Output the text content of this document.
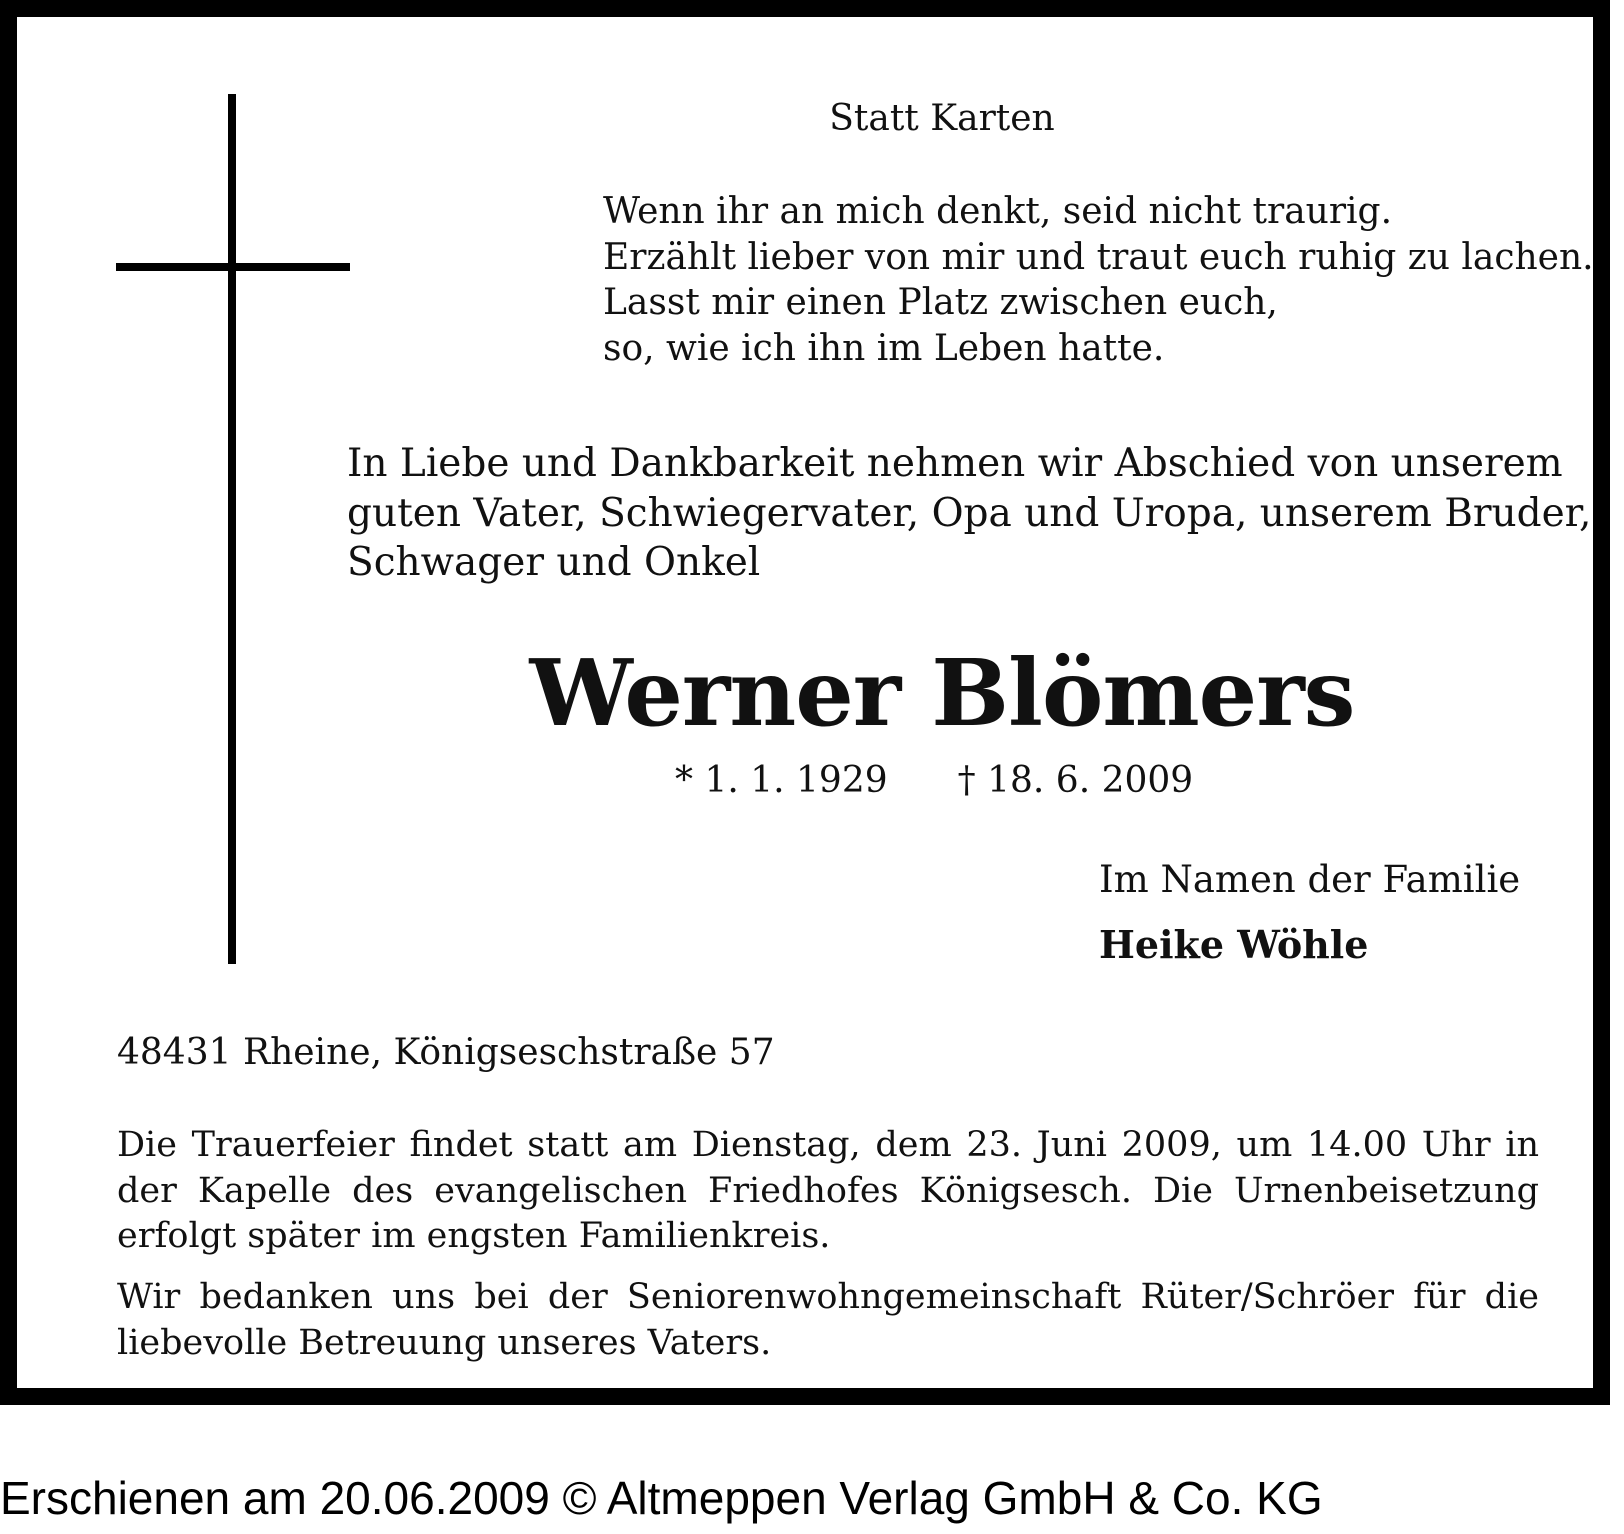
Statt Karten
Wenn ihr an mich denkt, seid nicht traurig.
Erzählt lieber von mir und traut euch ruhig zu lachen.
Lasst mir einen Platz zwischen euch,
so, wie ich ihn im Leben hatte.
In Liebe und Dankbarkeit nehmen wir Abschied von unserem
guten Vater, Schwiegervater, Opa und Uropa, unserem Bruder,
Schwager und Onkel
Werner Blömers
* 1. 1. 1929 † 18. 6. 2009
Im Namen der Familie
Heike Wöhle
48431 Rheine, Königseschstraße 57
Die Trauerfeier findet statt am Dienstag, dem 23. Juni 2009, um 14.00 Uhr in der Kapelle des evangelischen Friedhofes Königsesch. Die Urnenbeisetzung erfolgt später im engsten Familienkreis.
Wir bedanken uns bei der Seniorenwohngemeinschaft Rüter/Schröer für die liebevolle Betreuung unseres Vaters.
Erschienen am 20.06.2009 © Altmeppen Verlag GmbH & Co. KG
